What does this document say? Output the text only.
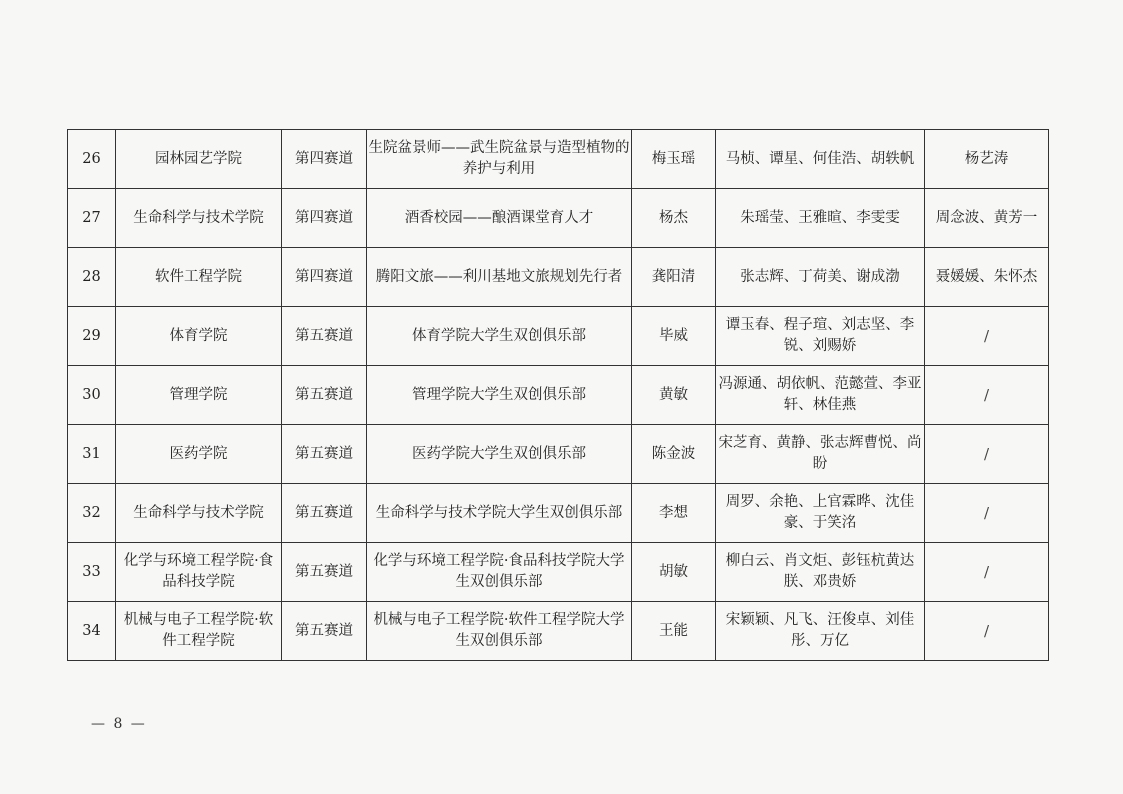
26	园林园艺学院	第四赛道	生院盆景师——武生院盆景与造型植物的养护与利用	梅玉瑶	马桢、谭星、何佳浩、胡轶帆	杨艺涛
27	生命科学与技术学院	第四赛道	酒香校园——酿酒课堂育人才	杨杰	朱瑶莹、王雅暄、李雯雯	周念波、黄芳一
28	软件工程学院	第四赛道	腾阳文旅——利川基地文旅规划先行者	龚阳清	张志辉、丁荷美、谢成渤	聂媛媛、朱怀杰
29	体育学院	第五赛道	体育学院大学生双创俱乐部	毕威	谭玉春、程子瑄、刘志坚、李锐、刘赐娇	/
30	管理学院	第五赛道	管理学院大学生双创俱乐部	黄敏	冯源通、胡依帆、范懿萱、李亚轩、林佳燕	/
31	医药学院	第五赛道	医药学院大学生双创俱乐部	陈金波	宋芝育、黄静、张志辉曹悦、尚盼	/
32	生命科学与技术学院	第五赛道	生命科学与技术学院大学生双创俱乐部	李想	周罗、余艳、上官霖晔、沈佳豪、于笑洺	/
33	化学与环境工程学院·食品科技学院	第五赛道	化学与环境工程学院·食品科技学院大学生双创俱乐部	胡敏	柳白云、肖文炬、彭钰杭黄达朕、邓贵娇	/
34	机械与电子工程学院·软件工程学院	第五赛道	机械与电子工程学院·软件工程学院大学生双创俱乐部	王能	宋颖颖、凡飞、汪俊卓、刘佳彤、万亿	/
— 8 —
